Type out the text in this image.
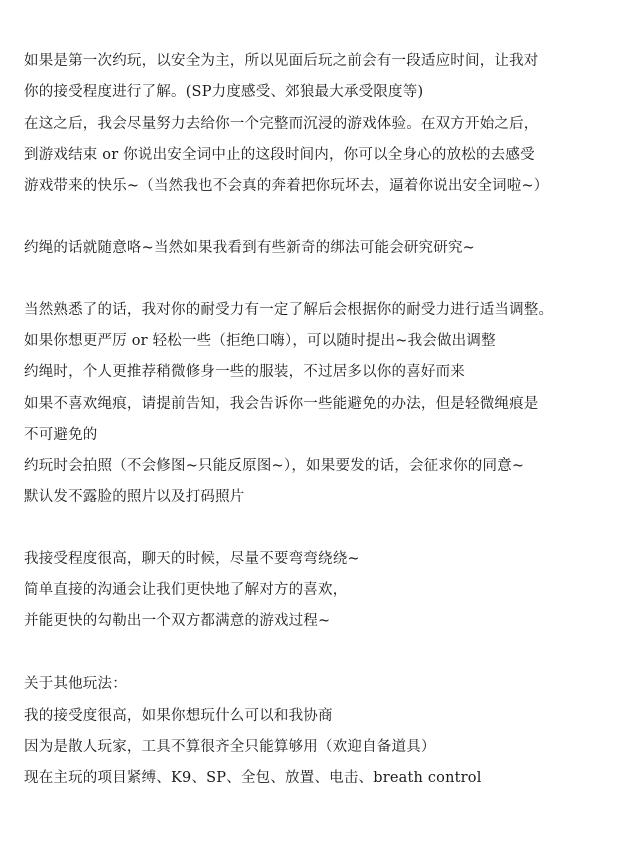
如果是第一次约玩，以安全为主，所以见面后玩之前会有一段适应时间，让我对
你的接受程度进行了解。(SP力度感受、郊狼最大承受限度等)
在这之后，我会尽量努力去给你一个完整而沉浸的游戏体验。在双方开始之后，
到游戏结束 or 你说出安全词中止的这段时间内，你可以全身心的放松的去感受
游戏带来的快乐~（当然我也不会真的奔着把你玩坏去，逼着你说出安全词啦~）
约绳的话就随意咯~当然如果我看到有些新奇的绑法可能会研究研究~
当然熟悉了的话，我对你的耐受力有一定了解后会根据你的耐受力进行适当调整。
如果你想更严厉 or 轻松一些（拒绝口嗨），可以随时提出~我会做出调整
约绳时，个人更推荐稍微修身一些的服装，不过居多以你的喜好而来
如果不喜欢绳痕，请提前告知，我会告诉你一些能避免的办法，但是轻微绳痕是
不可避免的
约玩时会拍照（不会修图~只能反原图~），如果要发的话，会征求你的同意~
默认发不露脸的照片以及打码照片
我接受程度很高，聊天的时候，尽量不要弯弯绕绕~
简单直接的沟通会让我们更快地了解对方的喜欢，
并能更快的勾勒出一个双方都满意的游戏过程~
关于其他玩法：
我的接受度很高，如果你想玩什么可以和我协商
因为是散人玩家，工具不算很齐全只能算够用（欢迎自备道具）
现在主玩的项目紧缚、K9、SP、全包、放置、电击、breath control
